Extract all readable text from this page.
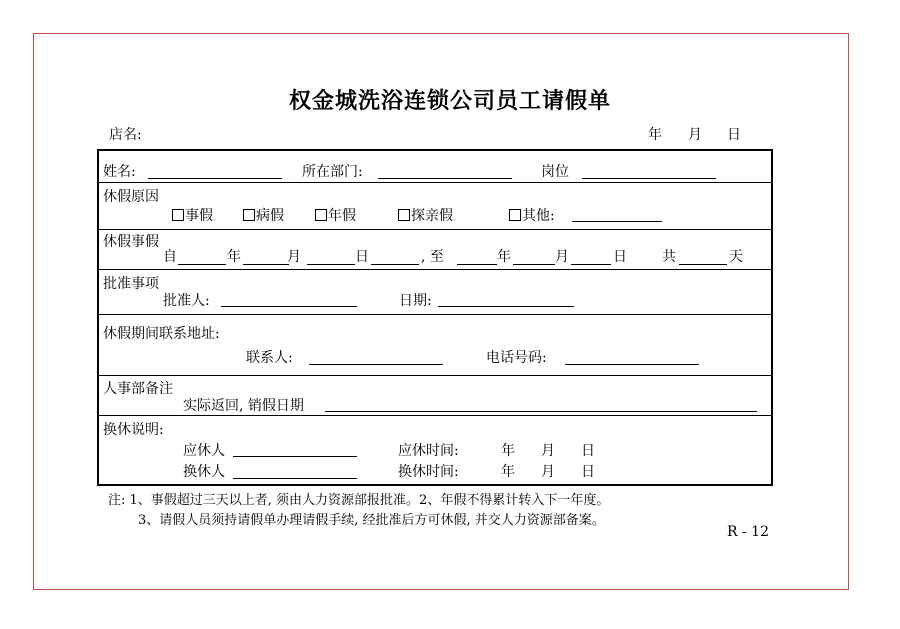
权金城洗浴连锁公司员工请假单
店名:	年 月 日
姓名:	所在部门:	岗位
休假原因
事假	病假	年假	探亲假	其他:
休假事假
自	年	月	日	, 至	年	月	日	共	天
批准事项
批准人:	日期:
休假期间联系地址:
联系人:	电话号码:
人事部备注
实际返回, 销假日期
换休说明:
应休人	应休时间:	年 月 日
换休人	换休时间:	年 月 日
注: 1、事假超过三天以上者, 须由人力资源部报批准。2、年假不得累计转入下一年度。
3、请假人员须持请假单办理请假手续, 经批准后方可休假, 并交人力资源部备案。
R - 12
